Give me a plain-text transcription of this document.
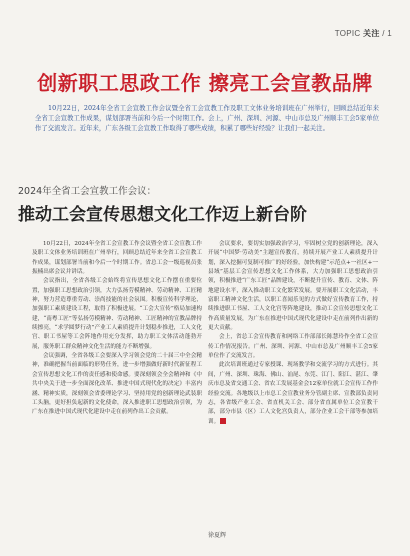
TOPIC 关注 / 1
创新职工思政工作 擦亮工会宣教品牌
10月22日，2024年全省工会宣教工作会议暨全省工会宣教工作及职工文体业务培训班在广州举行，回顾总结近年来全省工会宣教工作成果，谋划部署当前和今后一个时期工作。会上，广州、深圳、河源、中山市总及广州顺丰工会5家单位作了交流发言。近年来，广东各级工会宣教工作取得了哪些成绩，积累了哪些好经验？让我们一起关注。
2024年全省工会宣教工作会议：
推动工会宣传思想文化工作迈上新台阶

10月22日，2024年全省工会宣教工作会议暨全省工会宣教工作及职工文体业务培训班在广州举行，回顾总结近年来全省工会宣教工作成果，谋划部署当前和今后一个时期工作。省总工会一级巡视员张振楠出席会议并讲话。

会议指出，全省各级工会始终将宣传思想文化工作摆在重要位置，加强职工思想政治引领，大力弘扬劳模精神、劳动精神、工匠精神，努力营造尊重劳动、崇尚技能的社会氛围。积极宣传科学理论，加强职工素质建设工程，取得了积极进展。“工会大宣传”格局加速构建，“南粤工匠”等弘扬劳模精神、劳动精神、工匠精神的宣教品牌持续擦亮，“求学圆梦行动”产业工人素质提升计划稳步推进，工人文化宫、职工书屋等工会阵地作用充分发挥，助力职工文体活动蓬勃开展，服务职工群众精神文化生活的能力不断增强。

会议强调，全省各级工会要深入学习领会党的二十届三中全会精神，准确把握当前面临的形势任务，进一步增强做好新时代新征程工会宣传思想文化工作的责任感和使命感。要深刻领会全会精神和《中共中央关于进一步全面深化改革、推进中国式现代化的决定》丰富内涵、精神实质，深刻领会省委理论学习、坚持用党的创新理论武装职工头脑，更好担负起新的文化使命，深入推进职工思想政治引领，为广东在推进中国式现代化建设中走在前列作出工会贡献。

会议要求，要切实加强政治学习，牢固树立党的创新理论，深入开展“中国梦·劳动美”主题宣传教育，持续开展产业工人素质提升计划，深入挖掘可复制可推广的好经验，加快构建“示范点+一社区+一县域”基层工会宣传思想文化工作体系，大力加强职工思想政治引领，积极推进“广东工匠”品牌建设，不断提升宣传、教育、文体、阵地建设水平，深入推动职工文化繁荣发展。要开展职工文化活动，丰富职工精神文化生活，以职工喜闻乐见的方式做好宣传教育工作，持续推进职工书屋、工人文化宫等阵地建设，推动工会宣传思想文化工作高质量发展，为广东在推进中国式现代化建设中走在前列作出新的更大贡献。

会上，省总工会宣传教育和网络工作部部长陈慧玲作全省工会宣传工作情况报告。广州、深圳、河源、中山市总及广州顺丰工会5家单位作了交流发言。

此次培训班通过专家授课、现场教学和交流学习的方式进行。其间，广州、深圳、珠海、佛山、汕尾、东莞、江门、阳江、湛江、肇庆市总及省交通工会、省农工发展基金会12家单位就工会宣传工作作经验交流。各地级以上市总工会宣教业务分管副主席、宣教部负责同志，各省级产业工会、省直机关工会、部分省直属单位工会宣教干部，部分市县（区）工人文化宫负责人，部分企业工会干部等参加培训。

徐夏辉
